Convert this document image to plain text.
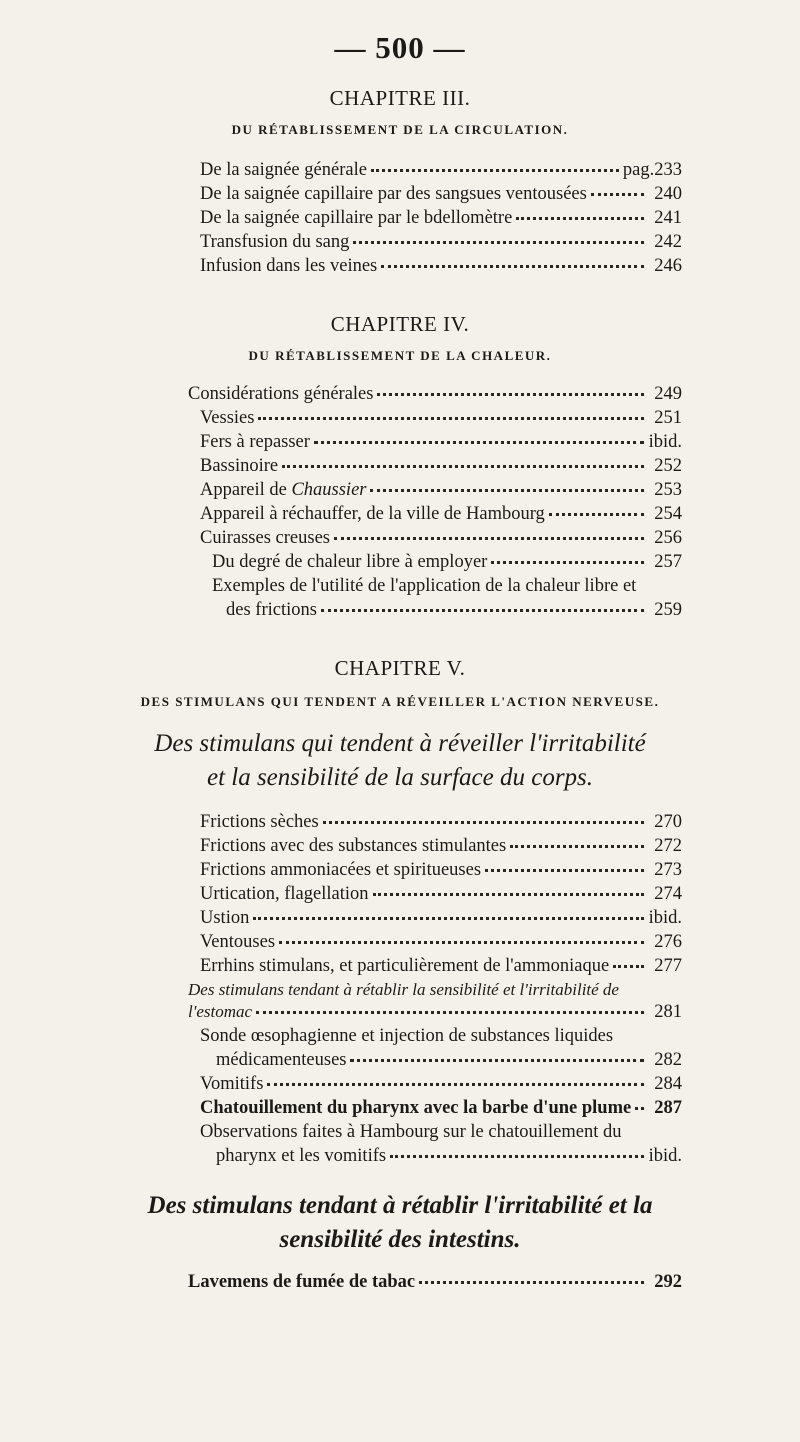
— 500 —
CHAPITRE III.
DU RÉTABLISSEMENT DE LA CIRCULATION.
De la saignée générale	pag.233
De la saignée capillaire par des sangsues ventousées	240
De la saignée capillaire par le bdellomètre	241
Transfusion du sang	242
Infusion dans les veines	246
CHAPITRE IV.
DU RÉTABLISSEMENT DE LA CHALEUR.
Considérations générales	249
Vessies	251
Fers à repasser	ibid.
Bassinoire	252
Appareil de Chaussier	253
Appareil à réchauffer, de la ville de Hambourg	254
Cuirasses creuses	256
Du degré de chaleur libre à employer	257
Exemples de l'utilité de l'application de la chaleur libre et
des frictions	259
CHAPITRE V.
DES STIMULANS QUI TENDENT A RÉVEILLER L'ACTION NERVEUSE.
Des stimulans qui tendent à réveiller l'irritabilité
et la sensibilité de la surface du corps.
Frictions sèches	270
Frictions avec des substances stimulantes	272
Frictions ammoniacées et spiritueuses	273
Urtication, flagellation	274
Ustion	ibid.
Ventouses	276
Errhins stimulans, et particulièrement de l'ammoniaque	277
Des stimulans tendant à rétablir la sensibilité et l'irritabilité de
l'estomac	281
Sonde œsophagienne et injection de substances liquides
médicamenteuses	282
Vomitifs	284
Chatouillement du pharynx avec la barbe d'une plume	287
Observations faites à Hambourg sur le chatouillement du
pharynx et les vomitifs	ibid.
Des stimulans tendant à rétablir l'irritabilité et la
sensibilité des intestins.
Lavemens de fumée de tabac	292
